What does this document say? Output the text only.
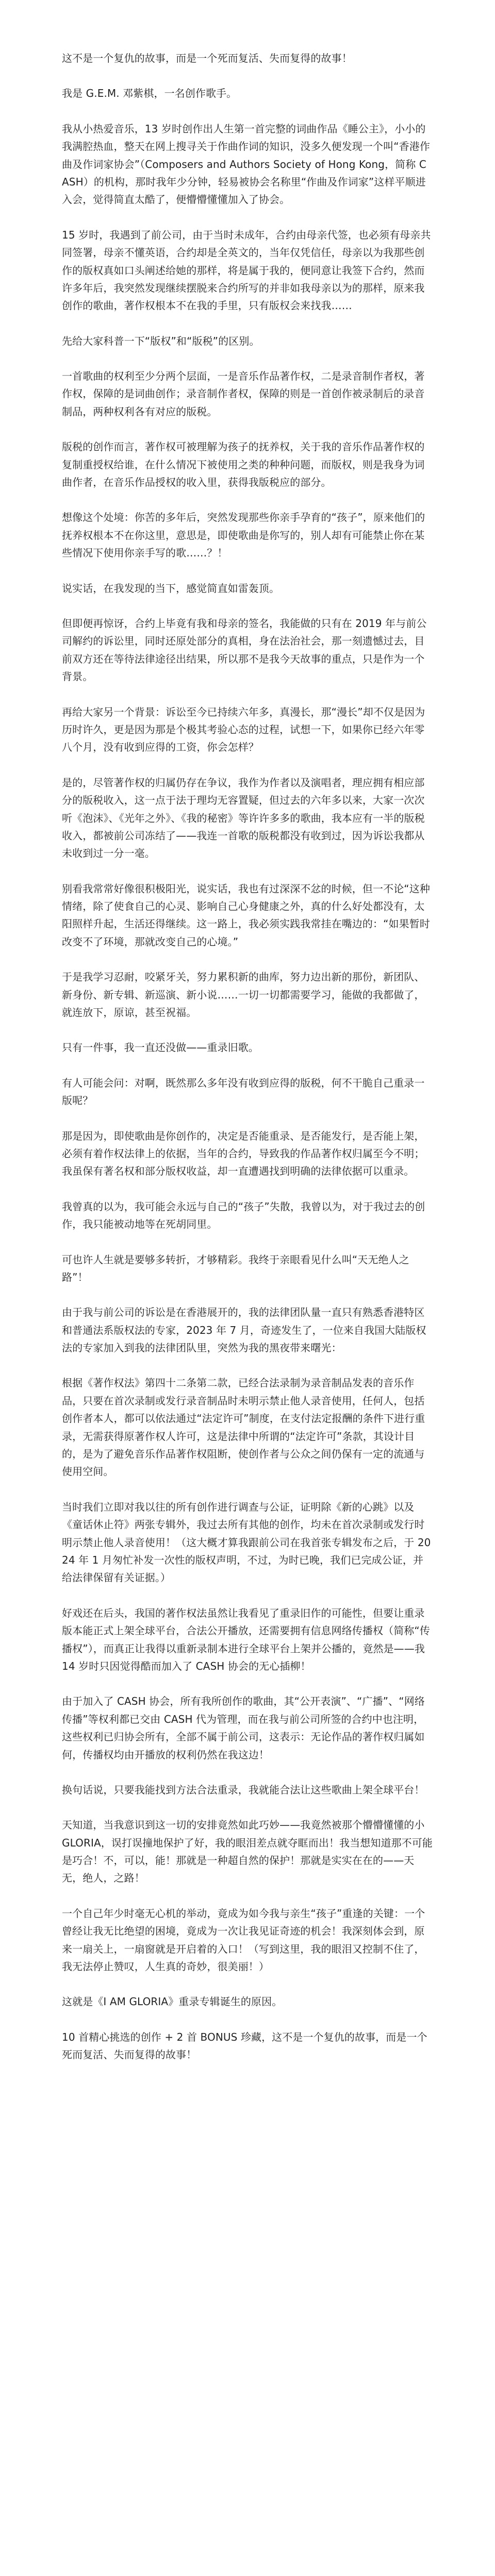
这不是一个复仇的故事，而是一个死而复活、失而复得的故事！

我是 G.E.M. 邓紫棋，一名创作歌手。

我从小热爱音乐，13 岁时创作出人生第一首完整的词曲作品《睡公主》，小小的我满腔热血，整天在网上搜寻关于作曲作词的知识，没多久便发现一个叫“香港作曲及作词家协会”（Composers and Authors Society of Hong Kong，简称 CASH）的机构，那时我年少分钟，轻易被协会名称里“作曲及作词家”这样平顺进入会，觉得简直太酷了，便懵懵懂懂加入了协会。

15 岁时，我遇到了前公司，由于当时未成年，合约由母亲代签，也必须有母亲共同签署，母亲不懂英语，合约却是全英文的，当年仅凭信任，母亲以为我那些创作的版权真如口头阐述给她的那样，将是属于我的，便同意让我签下合约，然而许多年后，我突然发现继续摆脱来合约所写的并非如我母亲以为的那样，原来我创作的歌曲，著作权根本不在我的手里，只有版权会来找我……

先给大家科普一下“版权”和“版税”的区别。

一首歌曲的权利至少分两个层面，一是音乐作品著作权，二是录音制作者权，著作权，保障的是词曲创作；录音制作者权，保障的则是一首创作被录制后的录音制品，两种权利各有对应的版税。

版税的创作而言，著作权可被理解为孩子的抚养权，关于我的音乐作品著作权的复制重授权给谁，在什么情况下被使用之类的种种问题，而版权，则是我身为词曲作者，在音乐作品授权的收入里，获得我版税应的部分。

想像这个处境：你苦的多年后，突然发现那些你亲手孕育的“孩子”，原来他们的抚养权根本不在你这里，意思是，即使歌曲是你写的，别人却有可能禁止你在某些情况下使用你亲手写的歌……？！

说实话，在我发现的当下，感觉简直如雷轰顶。

但即便再惊讶，合约上毕竟有我和母亲的签名，我能做的只有在 2019 年与前公司解约的诉讼里，同时还原处部分的真相，身在法治社会，那一刻遗憾过去，目前双方还在等待法律途径出结果，所以那不是我今天故事的重点，只是作为一个背景。

再给大家另一个背景：诉讼至今已持续六年多，真漫长，那“漫长”却不仅是因为历时许久，更是因为那是个极其考验心态的过程，试想一下，如果你已经六年零八个月，没有收到应得的工资，你会怎样？

是的，尽管著作权的归属仍存在争议，我作为作者以及演唱者，理应拥有相应部分的版税收入，这一点于法于理均无容置疑，但过去的六年多以来，大家一次次听《泡沫》、《光年之外》、《我的秘密》等许许多多的歌曲，我本应有一半的版税收入，都被前公司冻结了——我连一首歌的版税都没有收到过，因为诉讼我都从未收到过一分一毫。

别看我常常好像很积极阳光，说实话，我也有过深深不忿的时候，但一不论“这种情绪，除了使食自己的心灵、影响自己心身健康之外，真的什么好处都没有，太阳照样升起，生活还得继续。这一路上，我必须实践我常挂在嘴边的：“如果暂时改变不了环境，那就改变自己的心境。”

于是我学习忍耐，咬紧牙关，努力累积新的曲库，努力边出新的那份，新团队、新身份、新专辑、新巡演、新小说……一切一切都需要学习，能做的我都做了，就连放下，原谅，甚至祝福。

只有一件事，我一直还没做——重录旧歌。

有人可能会问：对啊，既然那么多年没有收到应得的版税，何不干脆自己重录一版呢？

那是因为，即使歌曲是你创作的，决定是否能重录、是否能发行，是否能上架，必须有着作权法律上的依据，当年的合约，导致我的作品著作权归属至今不明；我虽保有著名权和部分版权收益，却一直遭遇找到明确的法律依据可以重录。

我曾真的以为，我可能会永远与自己的“孩子”失散，我曾以为，对于我过去的创作，我只能被动地等在死胡同里。

可也许人生就是要够多转折，才够精彩。我终于亲眼看见什么叫“天无绝人之路”！

由于我与前公司的诉讼是在香港展开的，我的法律团队量一直只有熟悉香港特区和普通法系版权法的专家，2023 年 7 月，奇迹发生了，一位来自我国大陆版权法的专家加入到我的法律团队里，突然为我的黑夜带来曙光：

根据《著作权法》第四十二条第二款，已经合法录制为录音制品发表的音乐作品，只要在首次录制或发行录音制品时未明示禁止他人录音使用，任何人，包括创作者本人，都可以依法通过“法定许可”制度，在支付法定报酬的条件下进行重录，无需获得原著作权人许可，这是法律中所谓的“法定许可”条款，其设计目的，是为了避免音乐作品著作权阻断，使创作者与公众之间仍保有一定的流通与使用空间。

当时我们立即对我以往的所有创作进行调查与公证，证明除《新的心跳》以及《童话休止符》两张专辑外，我过去所有其他的创作，均未在首次录制或发行时明示禁止他人录音使用！（这大概才算我跟前公司在我首张专辑发布之后，于 2024 年 1 月匆忙补发一次性的版权声明，不过，为时已晚，我们已完成公证，并给法律保留有关证据。）

好戏还在后头，我国的著作权法虽然让我看见了重录旧作的可能性，但要让重录版本能正式上架全球平台，合法公开播放，还需要拥有信息网络传播权（简称“传播权”），而真正让我得以重新录制本进行全球平台上架并公播的，竟然是——我 14 岁时只因觉得酷而加入了 CASH 协会的无心插柳！

由于加入了 CASH 协会，所有我所创作的歌曲，其“公开表演”、“广播”、“网络传播”等权利都已交由 CASH 代为管理，而在我与前公司所签的合约中也注明，这些权利已归协会所有，全部不属于前公司，这表示：无论作品的著作权归属如何，传播权均由开播放的权利仍然在我这边！

换句话说，只要我能找到方法合法重录，我就能合法让这些歌曲上架全球平台！

天知道，当我意识到这一切的安排竟然如此巧妙——我竟然被那个懵懵懂懂的小 GLORIA，误打误撞地保护了好，我的眼泪差点就夺眶而出！我当想知道那不可能是巧合！不，可以，能！那就是一种超自然的保护！那就是实实在在的——天无，绝人，之路！

一个自己年少时毫无心机的举动，竟成为如今我与亲生“孩子”重逢的关键：一个曾经让我无比绝望的困境，竟成为一次让我见证奇迹的机会！我深刻体会到，原来一扇关上，一扇窗就是开启着的入口！（写到这里，我的眼泪又控制不住了，我无法停止赞叹，人生真的奇妙，很美丽！）

这就是《I AM GLORIA》重录专辑诞生的原因。

10 首精心挑选的创作 + 2 首 BONUS 珍藏，这不是一个复仇的故事，而是一个死而复活、失而复得的故事！
